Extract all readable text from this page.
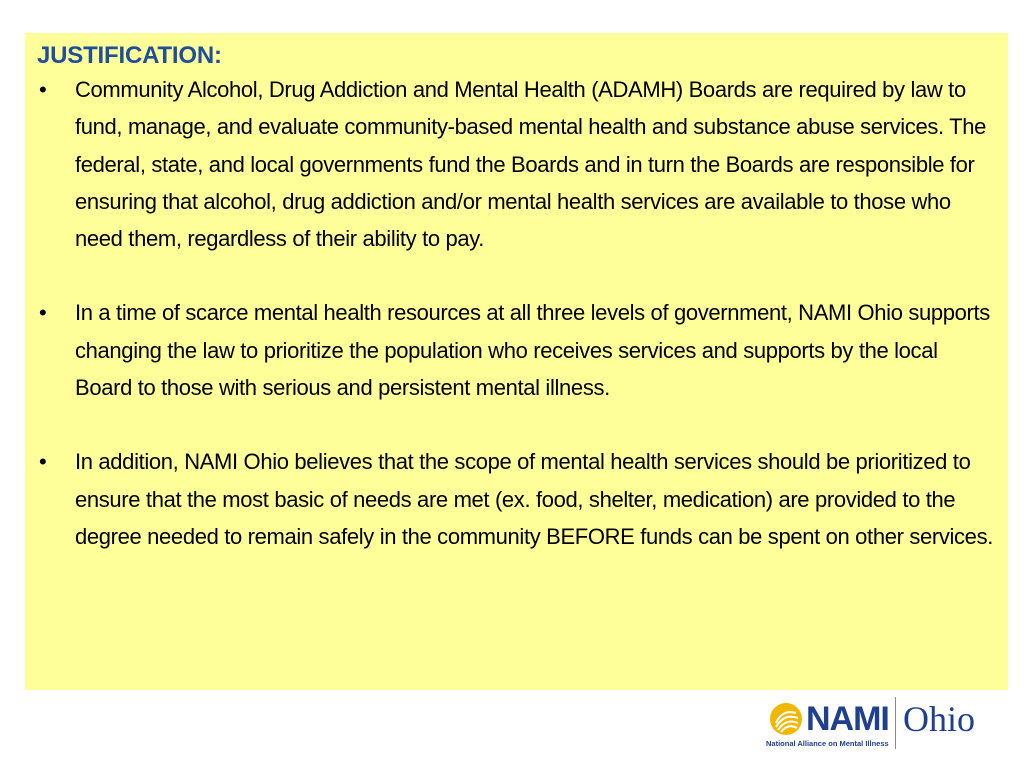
JUSTIFICATION:
•	Community Alcohol, Drug Addiction and Mental Health (ADAMH) Boards are required by law to fund, manage, and evaluate community-based mental health and substance abuse services. The federal, state, and local governments fund the Boards and in turn the Boards are responsible for ensuring that alcohol, drug addiction and/or mental health services are available to those who need them, regardless of their ability to pay.
•	In a time of scarce mental health resources at all three levels of government, NAMI Ohio supports changing the law to prioritize the population who receives services and supports by the local Board to those with serious and persistent mental illness.
•	In addition, NAMI Ohio believes that the scope of mental health services should be prioritized to ensure that the most basic of needs are met (ex. food, shelter, medication) are provided to the degree needed to remain safely in the community BEFORE funds can be spent on other services.
NAMI Ohio
National Alliance on Mental Illness
